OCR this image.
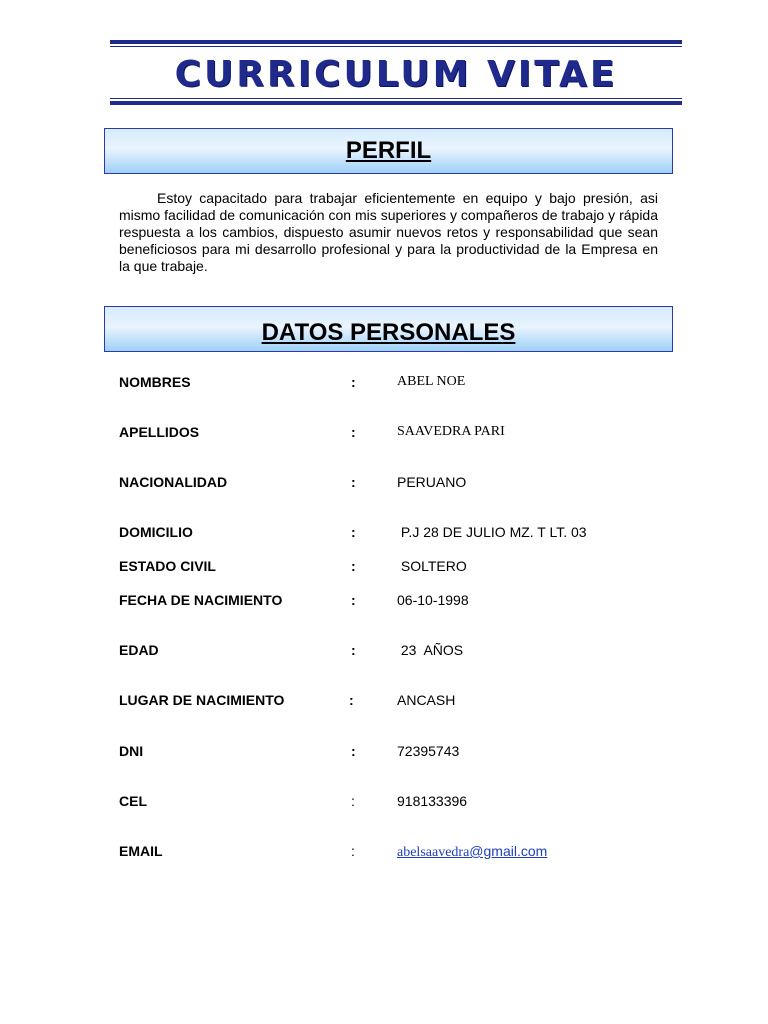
CURRICULUM VITAE
PERFIL
Estoy capacitado para trabajar eficientemente en equipo y bajo presión, asi mismo facilidad de comunicación con mis superiores y compañeros de trabajo y rápida respuesta a los cambios, dispuesto asumir nuevos retos y responsabilidad que sean beneficiosos para mi desarrollo profesional y para la productividad de la Empresa en la que trabaje.
DATOS PERSONALES
NOMBRES	:	ABEL NOE
APELLIDOS	:	SAAVEDRA PARI
NACIONALIDAD	:	PERUANO
DOMICILIO	:	P.J 28 DE JULIO MZ. T LT. 03
ESTADO CIVIL	:	SOLTERO
FECHA DE NACIMIENTO	:	06-10-1998
EDAD	:	23  AÑOS
LUGAR DE NACIMIENTO	:	ANCASH
DNI	:	72395743
CEL	:	918133396
EMAIL	:	abelsaavedra@gmail.com
